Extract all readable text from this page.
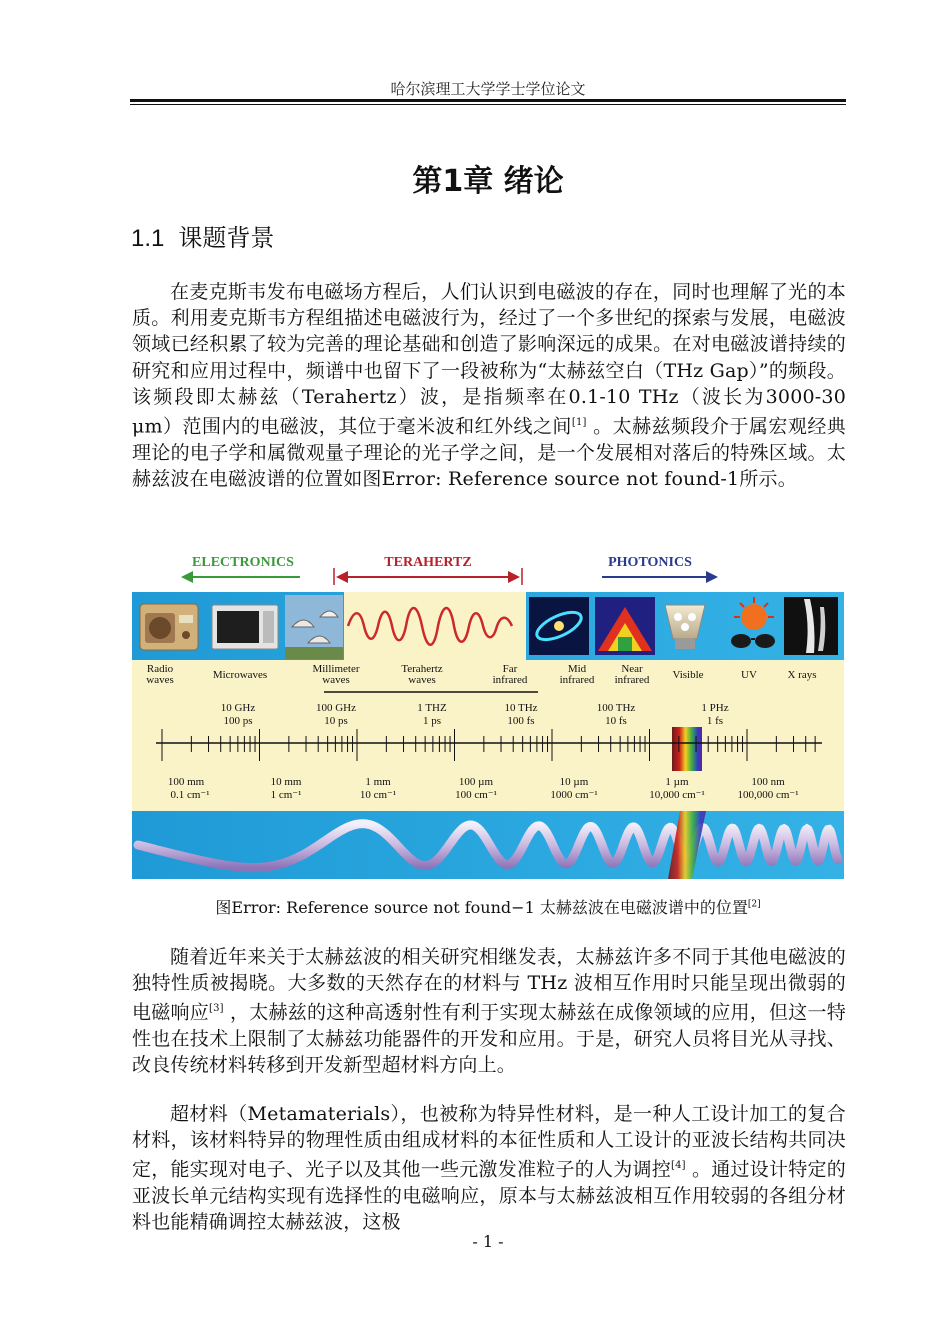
哈尔滨理工大学学士学位论文
第1章 绪论
1.1 课题背景

在麦克斯韦发布电磁场方程后，人们认识到电磁波的存在，同时也理解了光的本质。利用麦克斯韦方程组描述电磁波行为，经过了一个多世纪的探索与发展，电磁波领域已经积累了较为完善的理论基础和创造了影响深远的成果。在对电磁波谱持续的研究和应用过程中，频谱中也留下了一段被称为“太赫兹空白（THz Gap）”的频段。该频段即太赫兹（Terahertz）波，是指频率在0.1-10 THz（波长为3000-30 μm）范围内的电磁波，其位于毫米波和红外线之间[1] 。太赫兹频段介于属宏观经典理论的电子学和属微观量子理论的光子学之间，是一个发展相对落后的特殊区域。太赫兹波在电磁波谱的位置如图Error: Reference source not found-1所示。

ELECTRONICS	TERAHERTZ	PHOTONICS
Radio
waves	Microwaves	Millimeter
waves
Terahertz
waves
Far
infrared
Mid
infrared
Near
infrared Visible	UV	X rays
10 GHz
100 ps
100 GHz
10 ps
1 THZ
1 ps
10 THz
100 fs
100 THz
10 fs
1 PHz
1 fs
100 mm
0.1 cm⁻¹
10 mm
1 cm⁻¹
1 mm
10 cm⁻¹
100 µm
100 cm⁻¹
10 µm
1000 cm⁻¹
1 µm
10,000 cm⁻¹
100 nm
100,000 cm⁻¹
图Error: Reference source not found−1 太赫兹波在电磁波谱中的位置[2]

随着近年来关于太赫兹波的相关研究相继发表，太赫兹许多不同于其他电磁波的独特性质被揭晓。大多数的天然存在的材料与 THz 波相互作用时只能呈现出微弱的电磁响应[3] ，太赫兹的这种高透射性有利于实现太赫兹在成像领域的应用，但这一特性也在技术上限制了太赫兹功能器件的开发和应用。于是，研究人员将目光从寻找、改良传统材料转移到开发新型超材料方向上。

超材料（Metamaterials），也被称为特异性材料，是一种人工设计加工的复合材料，该材料特异的物理性质由组成材料的本征性质和人工设计的亚波长结构共同决定，能实现对电子、光子以及其他一些元激发准粒子的人为调控[4] 。通过设计特定的亚波长单元结构实现有选择性的电磁响应，原本与太赫兹波相互作用较弱的各组分材料也能精确调控太赫兹波，这极

- 1 -
